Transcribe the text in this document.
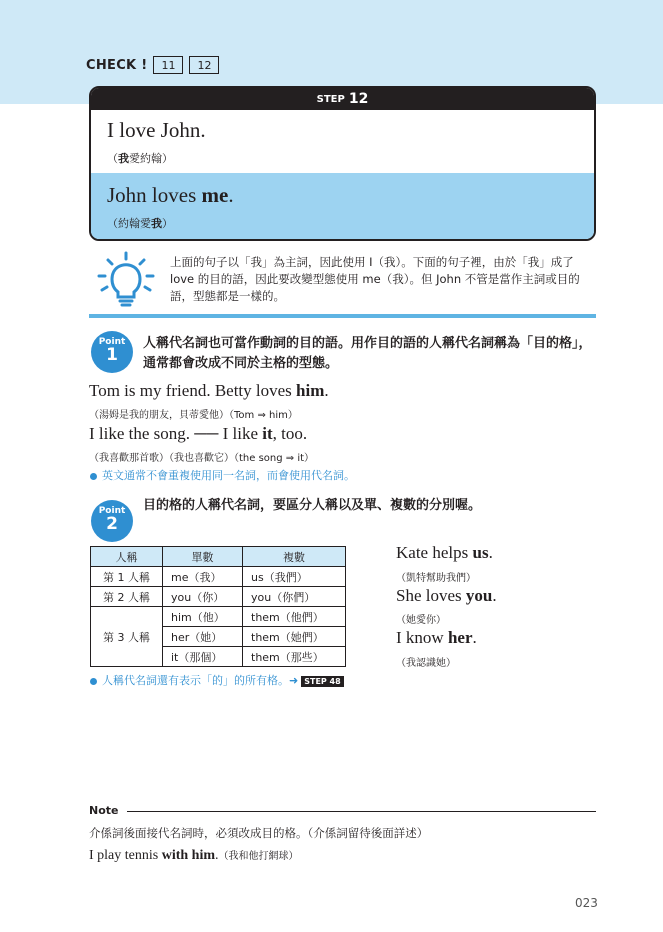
CHECK !	11	12
STEP 12
I love John.
（我愛約翰）
John loves me.
（約翰愛我）
上面的句子以「我」為主詞，因此使用 I（我）。下面的句子裡，由於「我」成了 love 的目的語，因此要改變型態使用 me（我）。但 John 不管是當作主詞或目的語，型態都是一樣的。
Point
1
人稱代名詞也可當作動詞的目的語。用作目的語的人稱代名詞稱為「目的格」，通常都會改成不同於主格的型態。
Tom is my friend. Betty loves him.
（湯姆是我的朋友，貝蒂愛他）（Tom ⇒ him）
I like the song. ── I like it, too.
（我喜歡那首歌）（我也喜歡它）（the song ⇒ it）
英文通常不會重複使用同一名詞，而會使用代名詞。
Point
2
目的格的人稱代名詞，要區分人稱以及單、複數的分別喔。
人稱	單數	複數
第 1 人稱	me（我）	us（我們）
第 2 人稱	you（你）	you（你們）
第 3 人稱	him（他）	them（他們）
	her（她）	them（她們）
	it（那個）	them（那些）
人稱代名詞還有表示「的」的所有格。➜ STEP 48
Kate helps us.
（凱特幫助我們）
She loves you.
（她愛你）
I know her.
（我認識她）
Note
介係詞後面接代名詞時，必須改成目的格。（介係詞留待後面詳述）
I play tennis with him.（我和他打網球）
023
